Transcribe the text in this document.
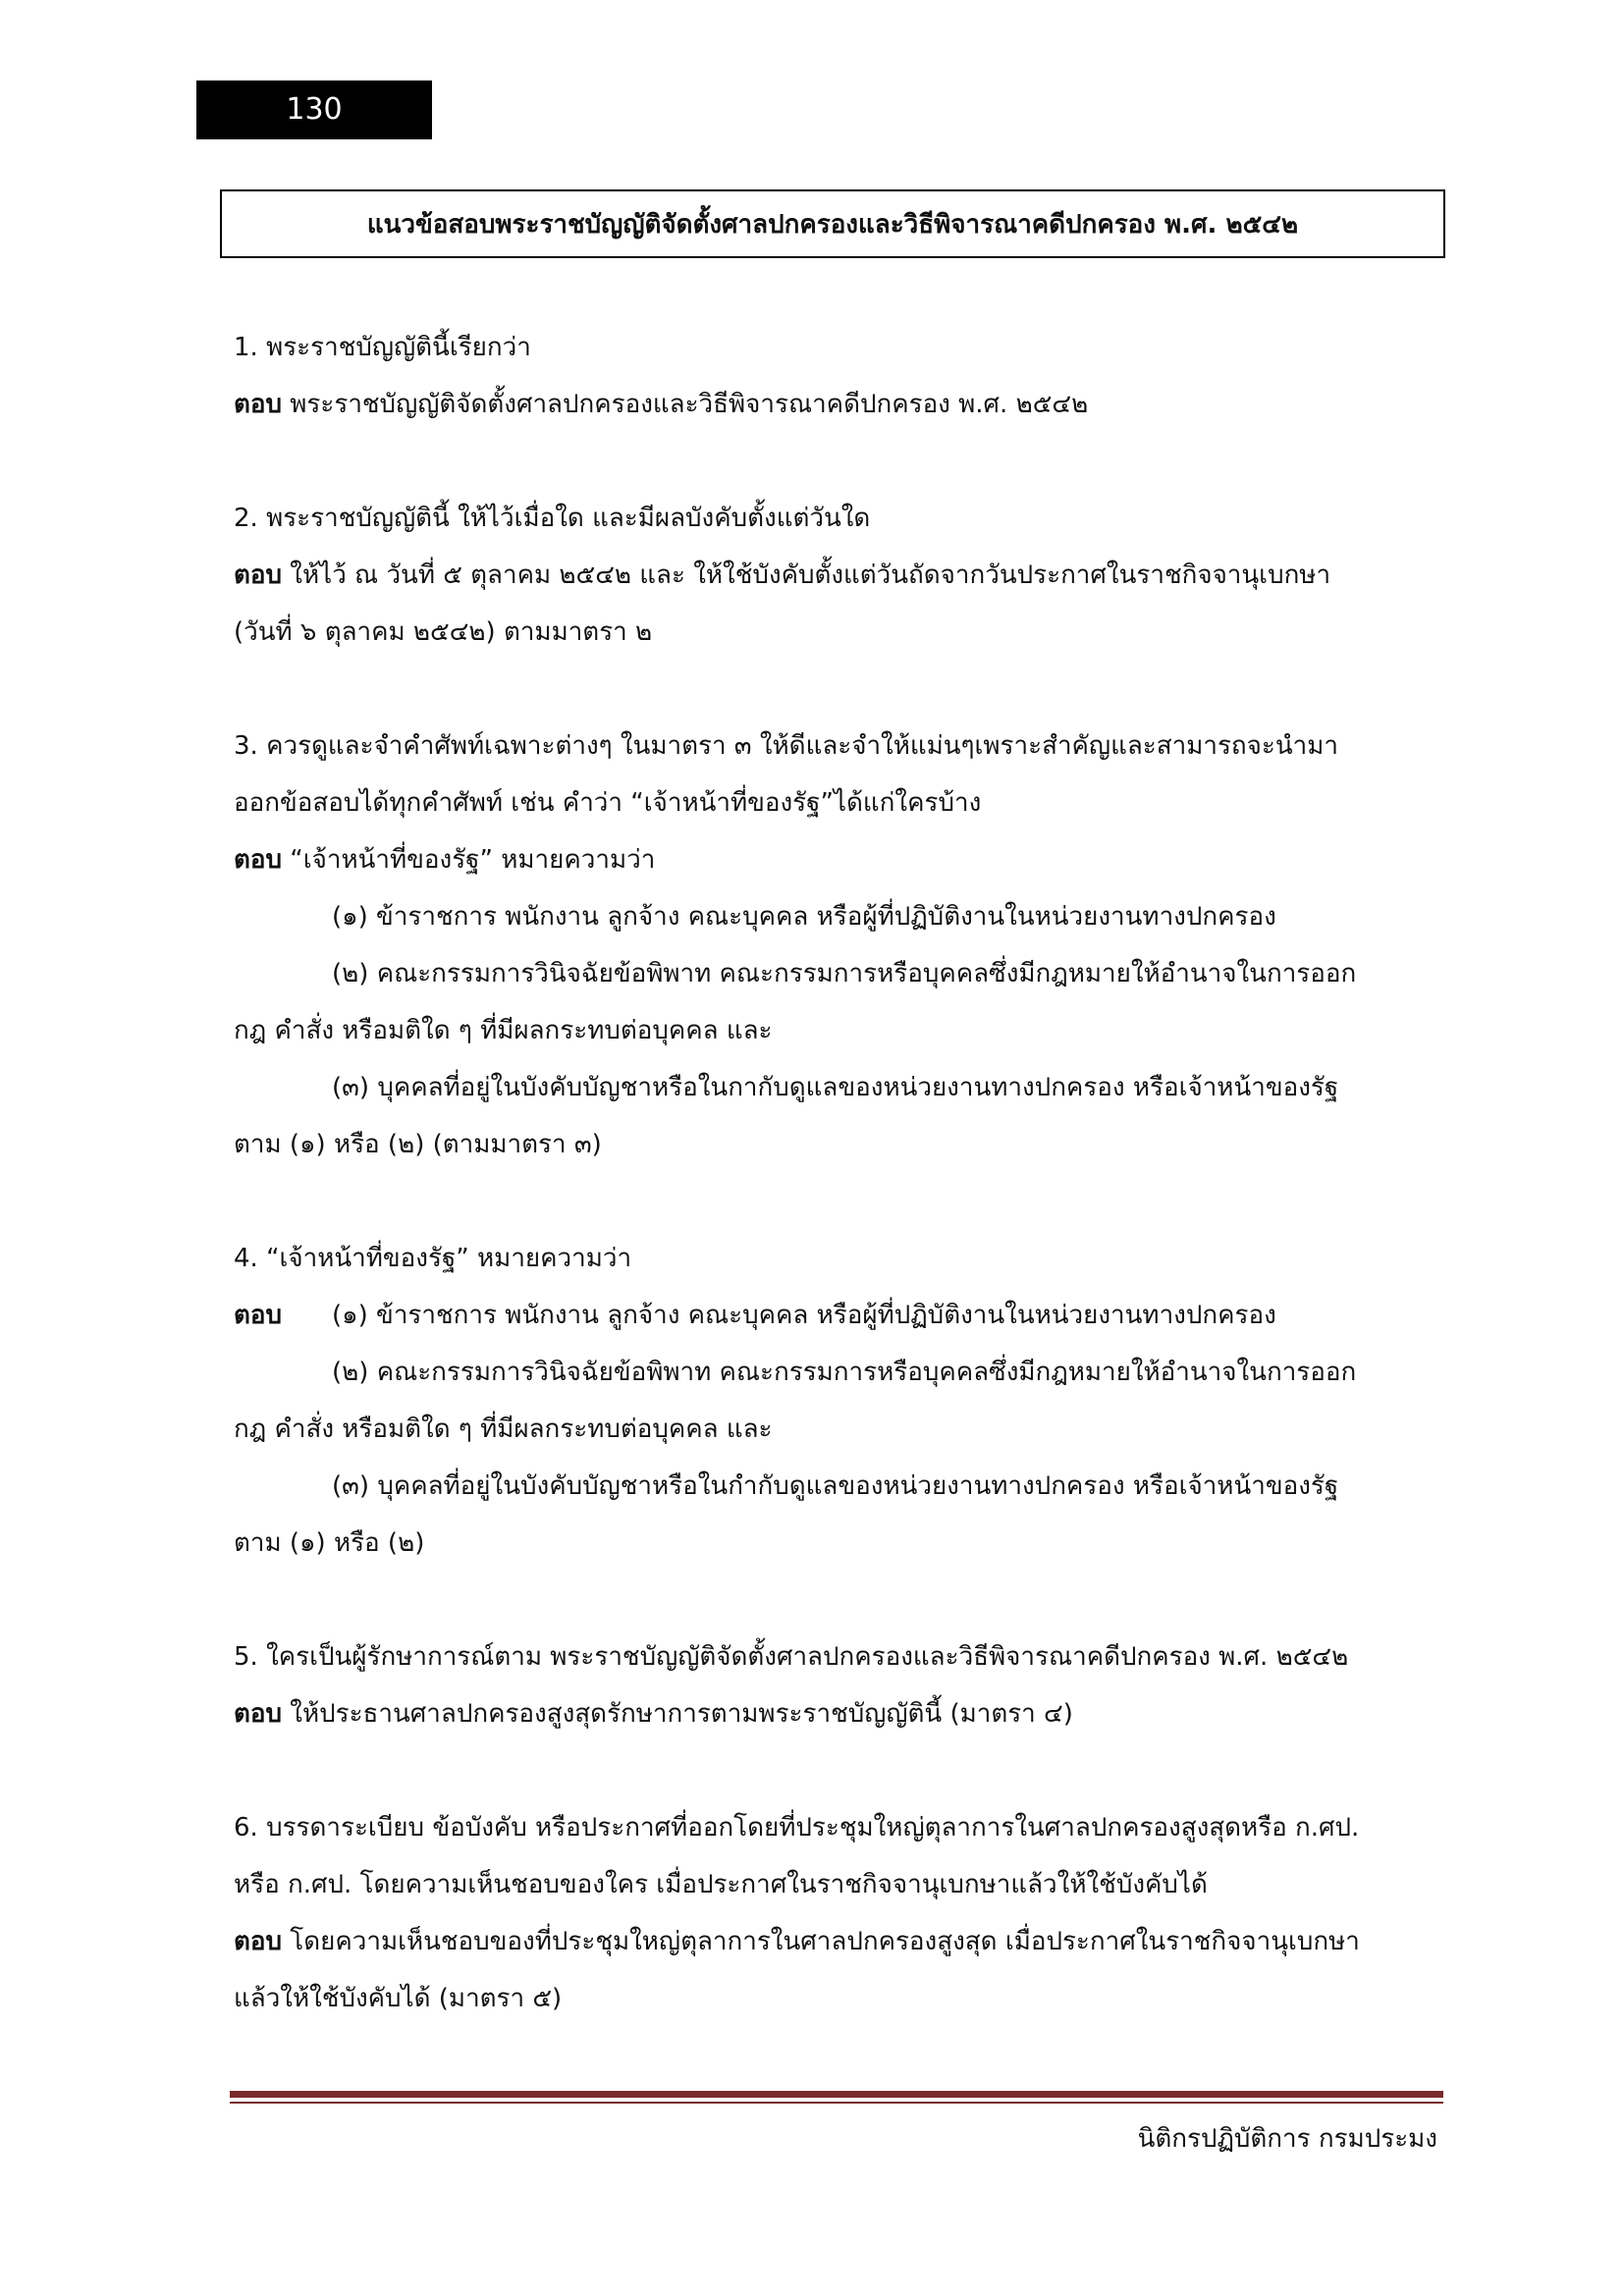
130
แนวข้อสอบพระราชบัญญัติจัดตั้งศาลปกครองและวิธีพิจารณาคดีปกครอง พ.ศ. ๒๕๔๒
1. พระราชบัญญัตินี้เรียกว่า
ตอบ พระราชบัญญัติจัดตั้งศาลปกครองและวิธีพิจารณาคดีปกครอง พ.ศ. ๒๕๔๒
2. พระราชบัญญัตินี้ ให้ไว้เมื่อใด และมีผลบังคับตั้งแต่วันใด
ตอบ ให้ไว้ ณ วันที่ ๕ ตุลาคม ๒๕๔๒ และ ให้ใช้บังคับตั้งแต่วันถัดจากวันประกาศในราชกิจจานุเบกษา
(วันที่ ๖ ตุลาคม ๒๕๔๒) ตามมาตรา ๒
3. ควรดูและจำคำศัพท์เฉพาะต่างๆ ในมาตรา ๓ ให้ดีและจำให้แม่นๆเพราะสำคัญและสามารถจะนำมา
ออกข้อสอบได้ทุกคำศัพท์ เช่น คำว่า “เจ้าหน้าที่ของรัฐ”ได้แก่ใครบ้าง
ตอบ “เจ้าหน้าที่ของรัฐ” หมายความว่า
(๑) ข้าราชการ พนักงาน ลูกจ้าง คณะบุคคล หรือผู้ที่ปฏิบัติงานในหน่วยงานทางปกครอง
(๒) คณะกรรมการวินิจฉัยข้อพิพาท คณะกรรมการหรือบุคคลซึ่งมีกฎหมายให้อำนาจในการออก
กฎ คำสั่ง หรือมติใด ๆ ที่มีผลกระทบต่อบุคคล และ
(๓) บุคคลที่อยู่ในบังคับบัญชาหรือในกากับดูแลของหน่วยงานทางปกครอง หรือเจ้าหน้าของรัฐ
ตาม (๑) หรือ (๒) (ตามมาตรา ๓)
4. “เจ้าหน้าที่ของรัฐ” หมายความว่า
ตอบ (๑) ข้าราชการ พนักงาน ลูกจ้าง คณะบุคคล หรือผู้ที่ปฏิบัติงานในหน่วยงานทางปกครอง
(๒) คณะกรรมการวินิจฉัยข้อพิพาท คณะกรรมการหรือบุคคลซึ่งมีกฎหมายให้อำนาจในการออก
กฎ คำสั่ง หรือมติใด ๆ ที่มีผลกระทบต่อบุคคล และ
(๓) บุคคลที่อยู่ในบังคับบัญชาหรือในกำกับดูแลของหน่วยงานทางปกครอง หรือเจ้าหน้าของรัฐ
ตาม (๑) หรือ (๒)
5. ใครเป็นผู้รักษาการณ์ตาม พระราชบัญญัติจัดตั้งศาลปกครองและวิธีพิจารณาคดีปกครอง พ.ศ. ๒๕๔๒
ตอบ ให้ประธานศาลปกครองสูงสุดรักษาการตามพระราชบัญญัตินี้ (มาตรา ๔)
6. บรรดาระเบียบ ข้อบังคับ หรือประกาศที่ออกโดยที่ประชุมใหญ่ตุลาการในศาลปกครองสูงสุดหรือ ก.ศป.
หรือ ก.ศป. โดยความเห็นชอบของใคร เมื่อประกาศในราชกิจจานุเบกษาแล้วให้ใช้บังคับได้
ตอบ โดยความเห็นชอบของที่ประชุมใหญ่ตุลาการในศาลปกครองสูงสุด เมื่อประกาศในราชกิจจานุเบกษา
แล้วให้ใช้บังคับได้ (มาตรา ๕)
นิติกรปฏิบัติการ กรมประมง
